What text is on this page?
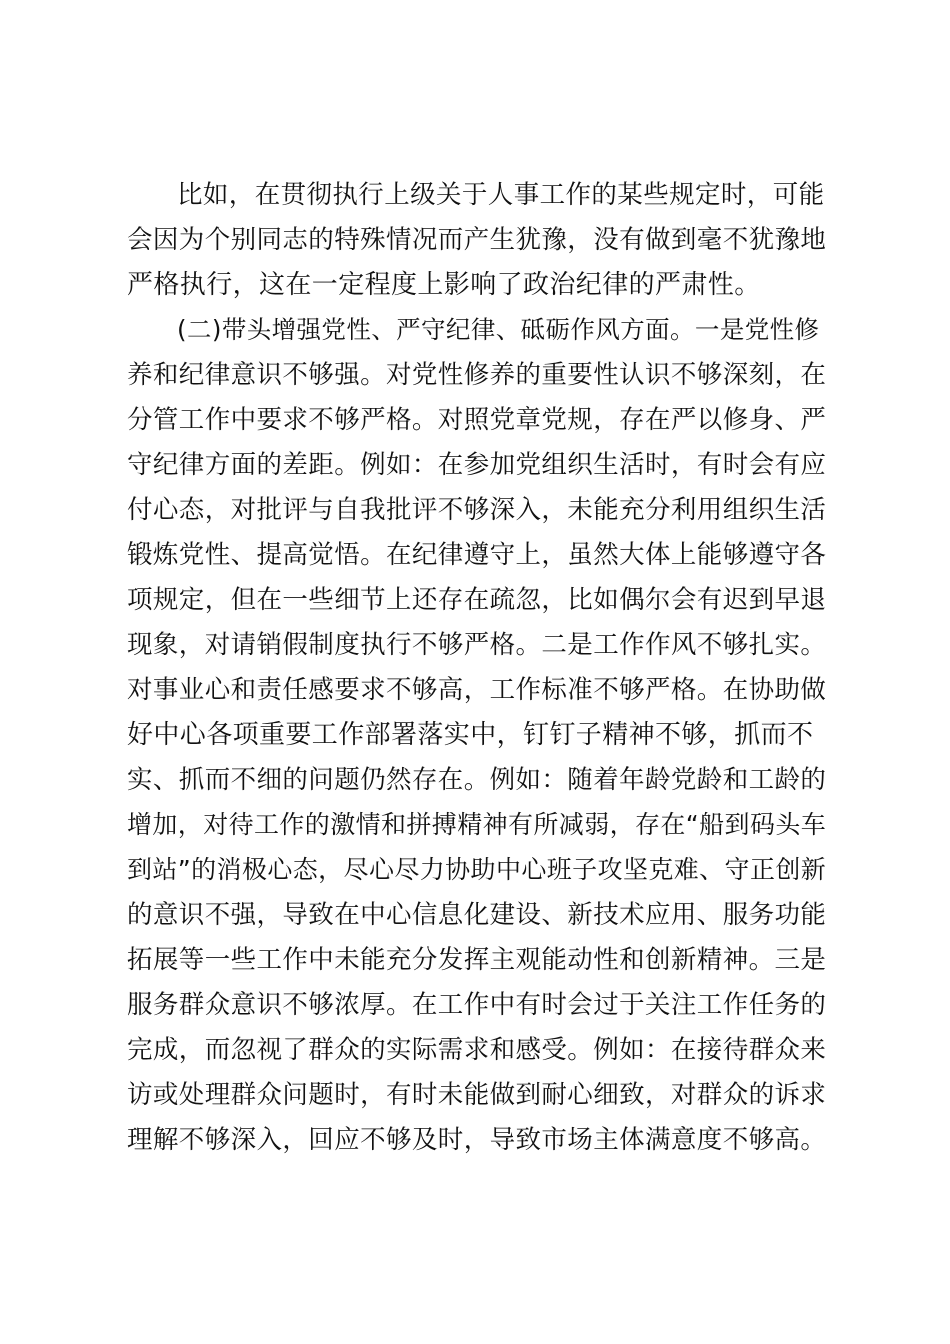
比如，在贯彻执行上级关于人事工作的某些规定时，可能
会因为个别同志的特殊情况而产生犹豫，没有做到毫不犹豫地
严格执行，这在一定程度上影响了政治纪律的严肃性。
(二)带头增强党性、严守纪律、砥砺作风方面。一是党性修
养和纪律意识不够强。对党性修养的重要性认识不够深刻，在
分管工作中要求不够严格。对照党章党规，存在严以修身、严
守纪律方面的差距。例如：在参加党组织生活时，有时会有应
付心态，对批评与自我批评不够深入，未能充分利用组织生活
锻炼党性、提高觉悟。在纪律遵守上，虽然大体上能够遵守各
项规定，但在一些细节上还存在疏忽，比如偶尔会有迟到早退
现象，对请销假制度执行不够严格。二是工作作风不够扎实。
对事业心和责任感要求不够高，工作标准不够严格。在协助做
好中心各项重要工作部署落实中，钉钉子精神不够，抓而不
实、抓而不细的问题仍然存在。例如：随着年龄党龄和工龄的
增加，对待工作的激情和拼搏精神有所减弱，存在“船到码头车
到站”的消极心态，尽心尽力协助中心班子攻坚克难、守正创新
的意识不强，导致在中心信息化建设、新技术应用、服务功能
拓展等一些工作中未能充分发挥主观能动性和创新精神。三是
服务群众意识不够浓厚。在工作中有时会过于关注工作任务的
完成，而忽视了群众的实际需求和感受。例如：在接待群众来
访或处理群众问题时，有时未能做到耐心细致，对群众的诉求
理解不够深入，回应不够及时，导致市场主体满意度不够高。
